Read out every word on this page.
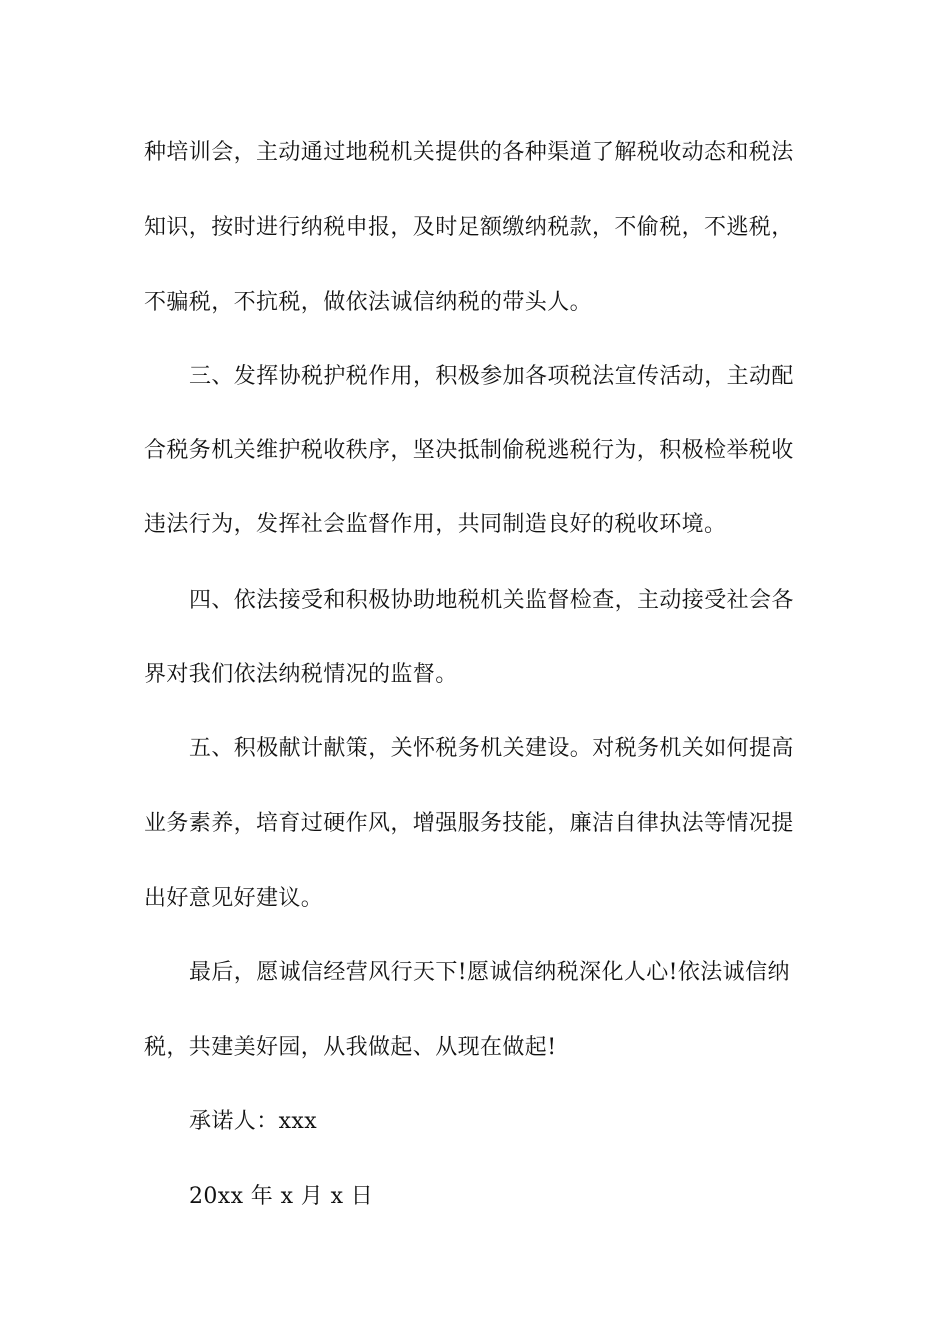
种培训会，主动通过地税机关提供的各种渠道了解税收动态和税法
知识，按时进行纳税申报，及时足额缴纳税款，不偷税，不逃税，
不骗税，不抗税，做依法诚信纳税的带头人。
三、发挥协税护税作用，积极参加各项税法宣传活动，主动配
合税务机关维护税收秩序，坚决抵制偷税逃税行为，积极检举税收
违法行为，发挥社会监督作用，共同制造良好的税收环境。
四、依法接受和积极协助地税机关监督检查，主动接受社会各
界对我们依法纳税情况的监督。
五、积极献计献策，关怀税务机关建设。对税务机关如何提高
业务素养，培育过硬作风，增强服务技能，廉洁自律执法等情况提
出好意见好建议。
最后，愿诚信经营风行天下!愿诚信纳税深化人心!依法诚信纳
税，共建美好园，从我做起、从现在做起!
承诺人：xxx
20xx 年 x 月 x 日
